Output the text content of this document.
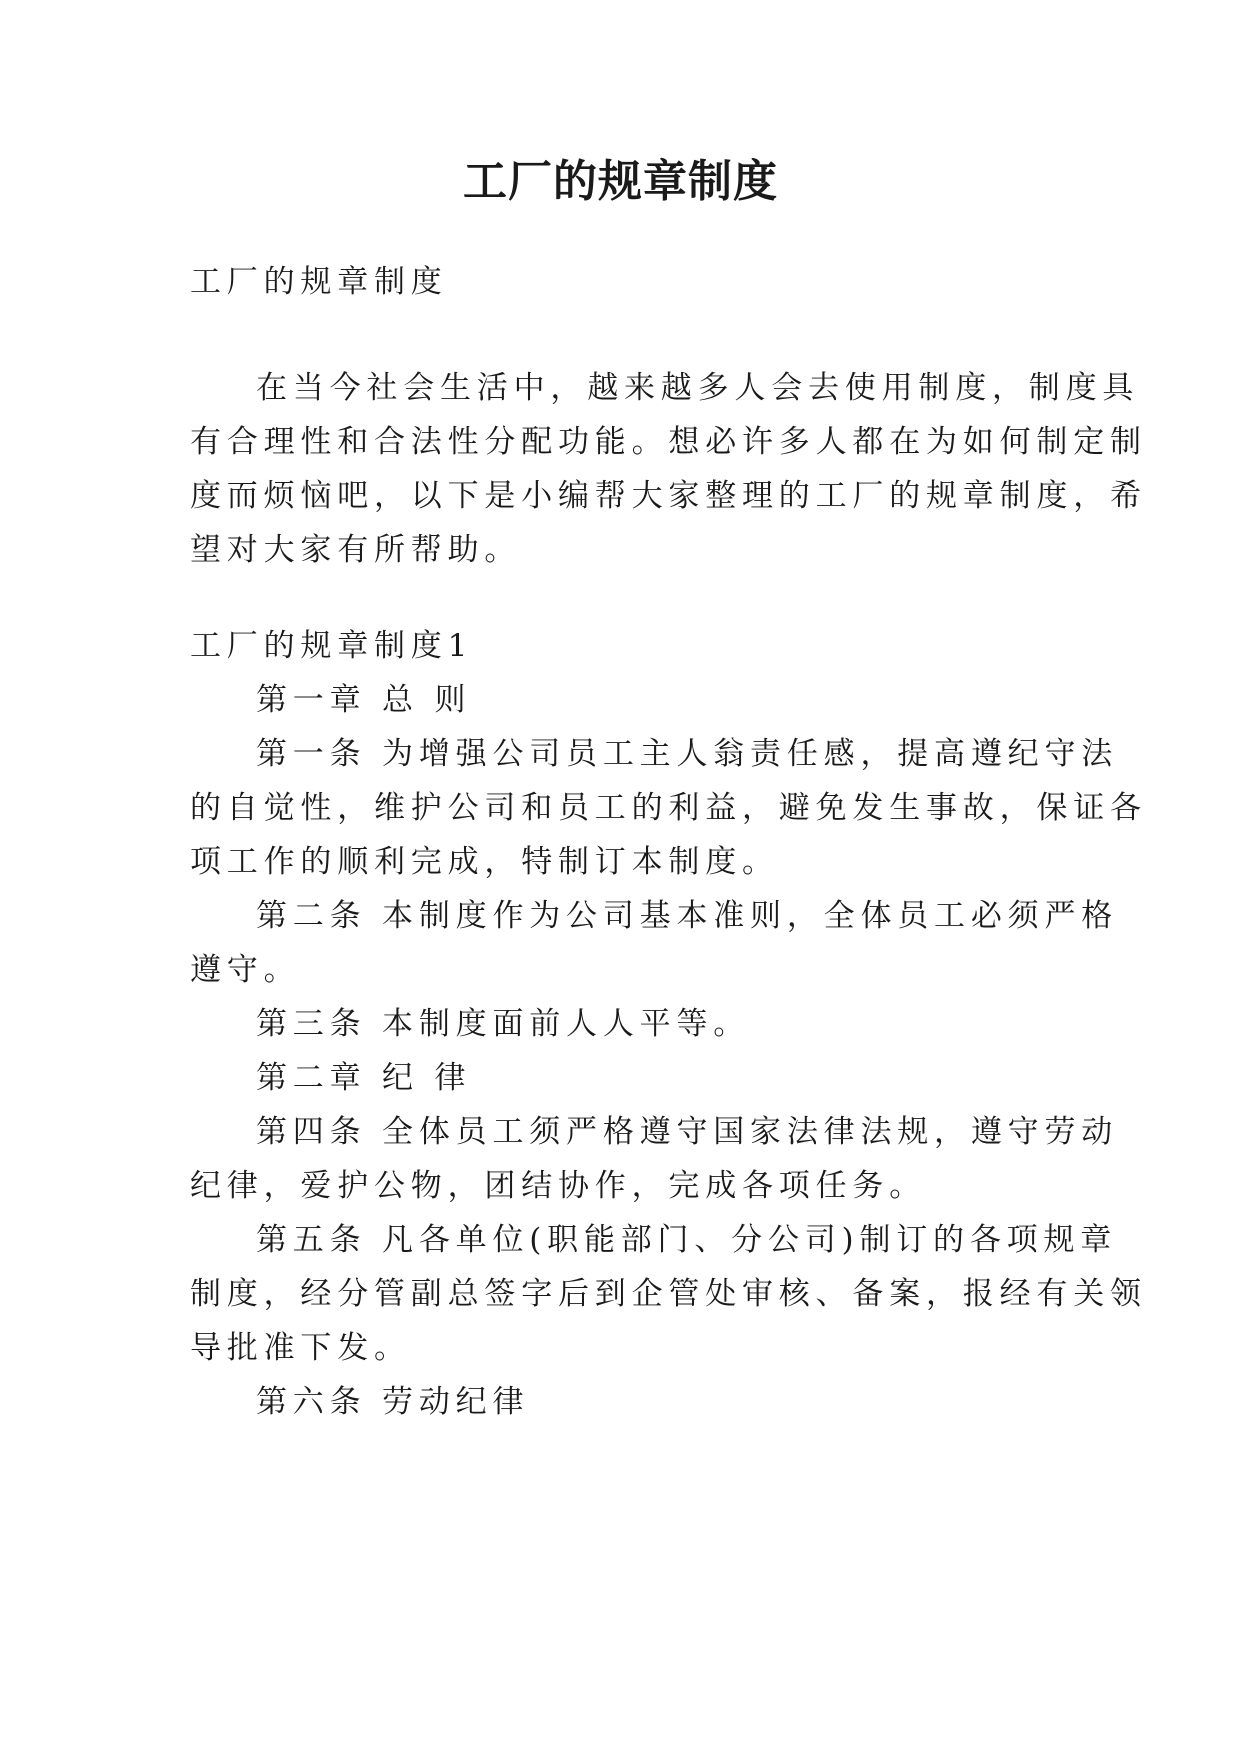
工厂的规章制度

工厂的规章制度

在当今社会生活中，越来越多人会去使用制度，制度具

有合理性和合法性分配功能。想必许多人都在为如何制定制

度而烦恼吧，以下是小编帮大家整理的工厂的规章制度，希

望对大家有所帮助。

工厂的规章制度1

第一章 总 则

第一条 为增强公司员工主人翁责任感，提高遵纪守法

的自觉性，维护公司和员工的利益，避免发生事故，保证各

项工作的顺利完成，特制订本制度。

第二条 本制度作为公司基本准则，全体员工必须严格

遵守。

第三条 本制度面前人人平等。

第二章 纪 律

第四条 全体员工须严格遵守国家法律法规，遵守劳动

纪律，爱护公物，团结协作，完成各项任务。

第五条 凡各单位(职能部门、分公司)制订的各项规章

制度，经分管副总签字后到企管处审核、备案，报经有关领

导批准下发。

第六条 劳动纪律
